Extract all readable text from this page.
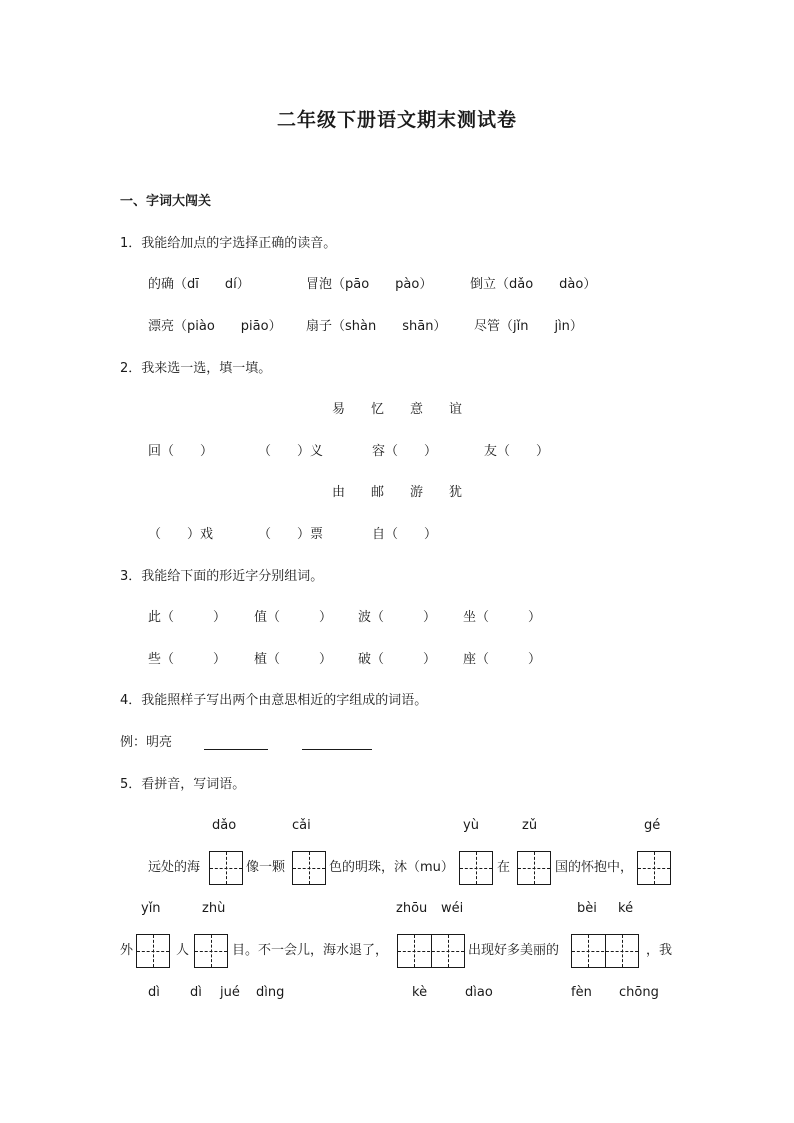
二年级下册语文期末测试卷
一、字词大闯关
1．我能给加点的字选择正确的读音。
的确（dī　　dí）	冒泡（pāo　　pào）	倒立（dǎo　　dào）
漂亮（piào　　piāo） 扇子（shàn　　shān） 尽管（jǐn　　jìn）
2．我来选一选，填一填。
易　　忆　　意　　谊
回（　　）	（　　）义	容（　　）	友（　　）
由　　邮　　游　　犹
（　　）戏	（　　）票	自（　　）
3．我能给下面的形近字分别组词。
此（　　　） 值（　　　） 波（　　　） 坐（　　　）
些（　　　） 植（　　　） 破（　　　） 座（　　　）
4．我能照样子写出两个由意思相近的字组成的词语。
例：明亮
5．看拼音，写词语。
dǎo	cǎi	yù	zǔ	gé
远处的海	像一颗	色的明珠，沐（mu）	在	国的怀抱中，
yǐn	zhù	zhōu wéi	bèi ké
外	人	目。不一会儿，海水退了，	出现好多美丽的	，我
dì dì jué dìng	kè	dìao	fèn chōng
